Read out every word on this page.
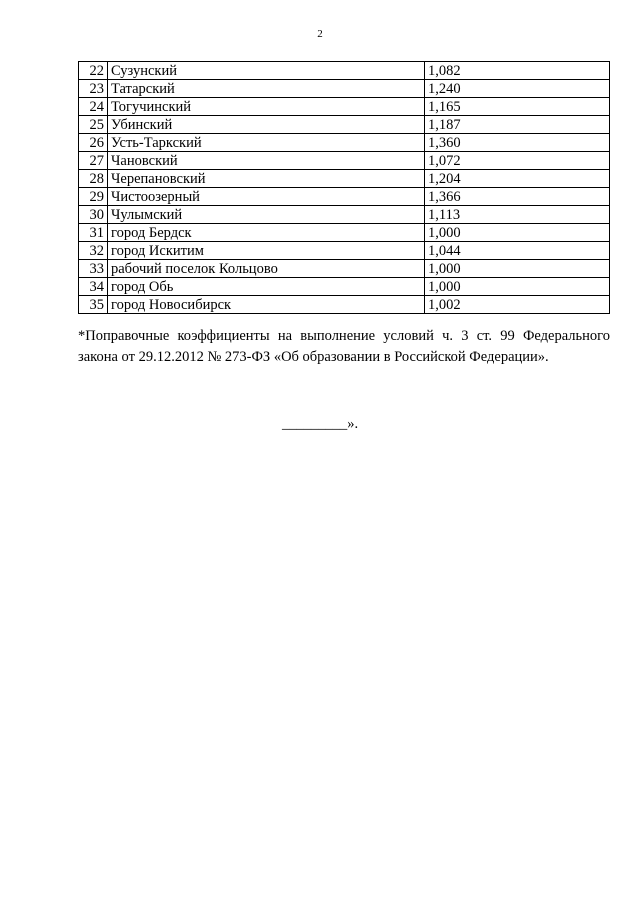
2
22	Сузунский	1,082
23	Татарский	1,240
24	Тогучинский	1,165
25	Убинский	1,187
26	Усть-Таркский	1,360
27	Чановский	1,072
28	Черепановский	1,204
29	Чистоозерный	1,366
30	Чулымский	1,113
31	город Бердск	1,000
32	город Искитим	1,044
33	рабочий поселок Кольцово	1,000
34	город Обь	1,000
35	город Новосибирск	1,002
*Поправочные коэффициенты на выполнение условий ч. 3 ст. 99 Федерального закона от 29.12.2012 № 273-ФЗ «Об образовании в Российской Федерации».
_________».
